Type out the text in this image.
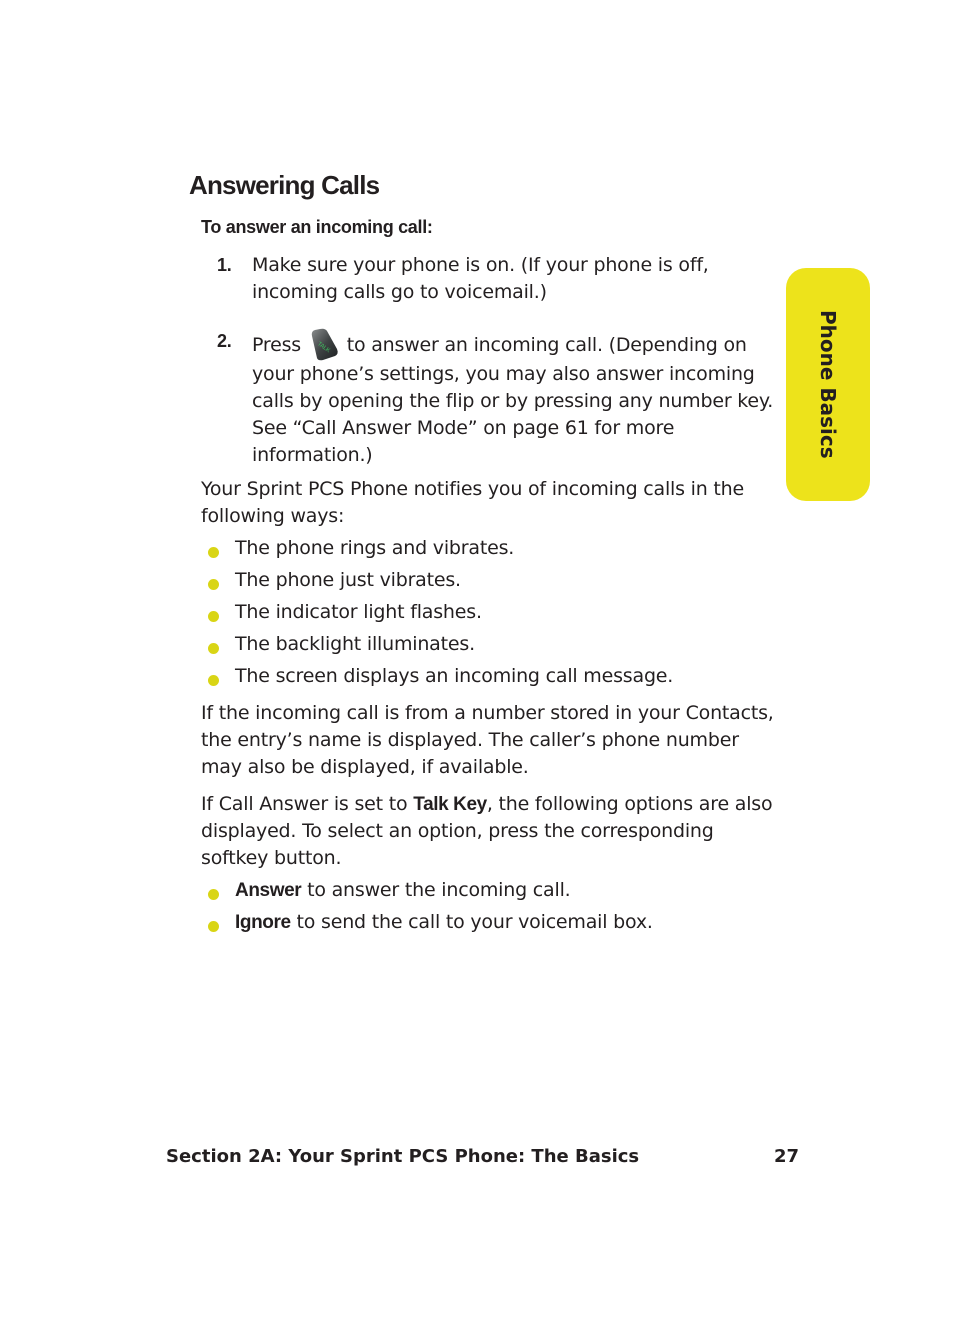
Answering Calls
To answer an incoming call:
1. Make sure your phone is on. (If your phone is off, incoming calls go to voicemail.)
2. Press TALK to answer an incoming call. (Depending on your phone’s settings, you may also answer incoming calls by opening the flip or by pressing any number key. See “Call Answer Mode” on page 61 for more information.)

Your Sprint PCS Phone notifies you of incoming calls in the following ways:

The phone rings and vibrates.
The phone just vibrates.
The indicator light flashes.
The backlight illuminates.
The screen displays an incoming call message.

If the incoming call is from a number stored in your Contacts, the entry’s name is displayed. The caller’s phone number may also be displayed, if available.

If Call Answer is set to Talk Key, the following options are also displayed. To select an option, press the corresponding softkey button.

Answer to answer the incoming call.
Ignore to send the call to your voicemail box.
Phone Basics
Section 2A: Your Sprint PCS Phone: The Basics	27
